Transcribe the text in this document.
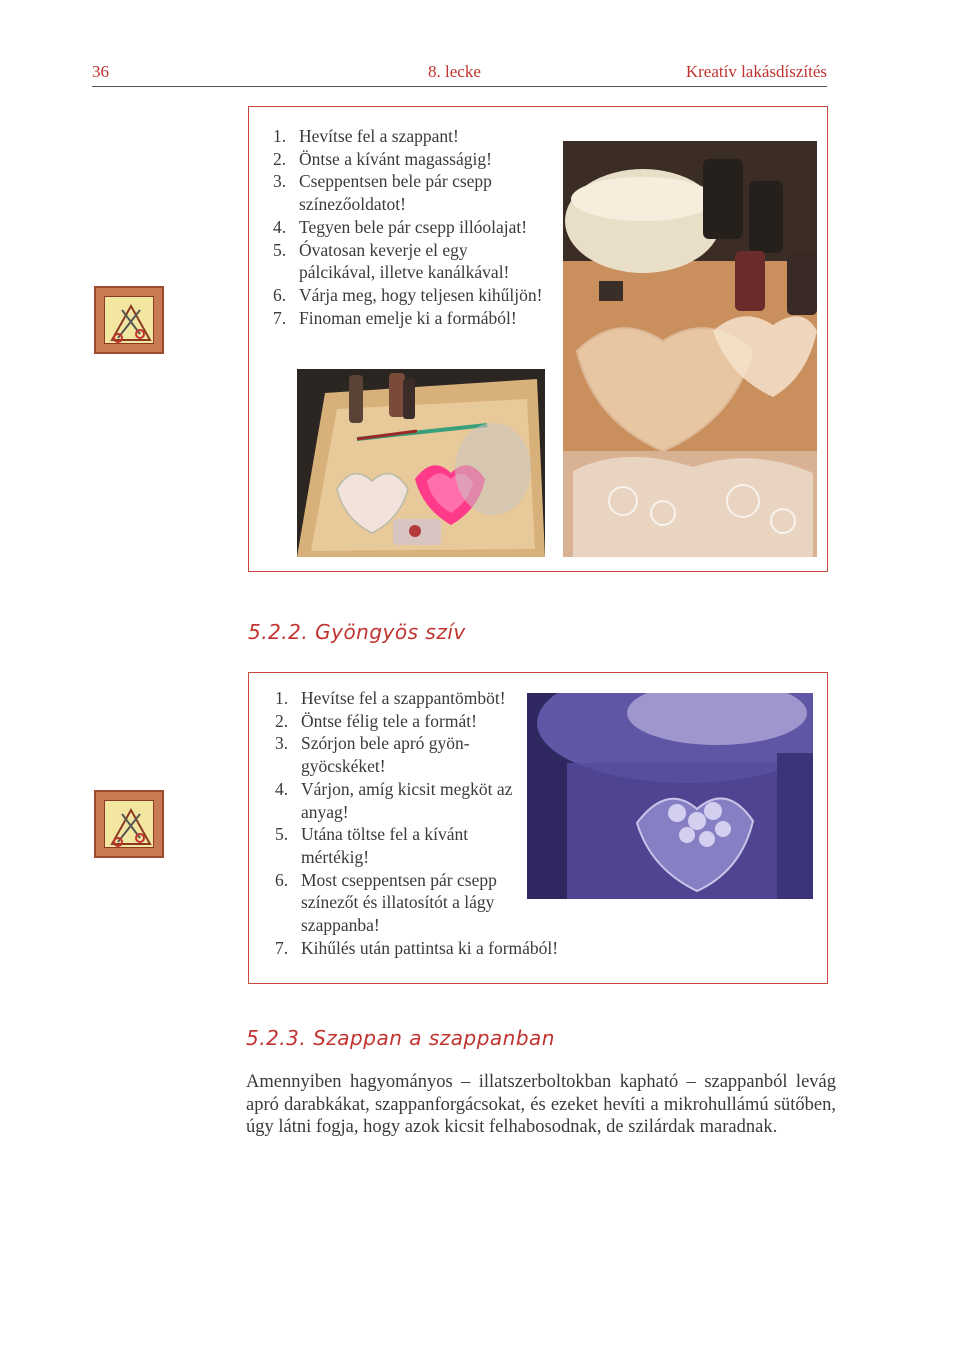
36	8. lecke	Kreatív lakásdíszítés
1. Hevítse fel a szappant!
2. Öntse a kívánt magasságig!
3. Cseppentsen bele pár csepp színezőoldatot!
4. Tegyen bele pár csepp illóolajat!
5. Óvatosan keverje el egy pálcikával, illetve kanálkával!
6. Várja meg, hogy teljesen kihűljön!
7. Finoman emelje ki a formából!
5.2.2. Gyöngyös szív
1. Hevítse fel a szappantömböt!
2. Öntse félig tele a formát!
3. Szórjon bele apró gyön-gyöcskéket!
4. Várjon, amíg kicsit megköt az anyag!
5. Utána töltse fel a kívánt mértékig!
6. Most cseppentsen pár csepp színezőt és illatosítót a lágy szappanba!
7. Kihűlés után pattintsa ki a formából!
5.2.3. Szappan a szappanban
Amennyiben hagyományos – illatszerboltokban kapható – szappanból levág apró darabkákat, szappanforgácsokat, és ezeket hevíti a mikrohullámú sütőben, úgy látni fogja, hogy azok kicsit felhabosodnak, de szilárdak maradnak.
